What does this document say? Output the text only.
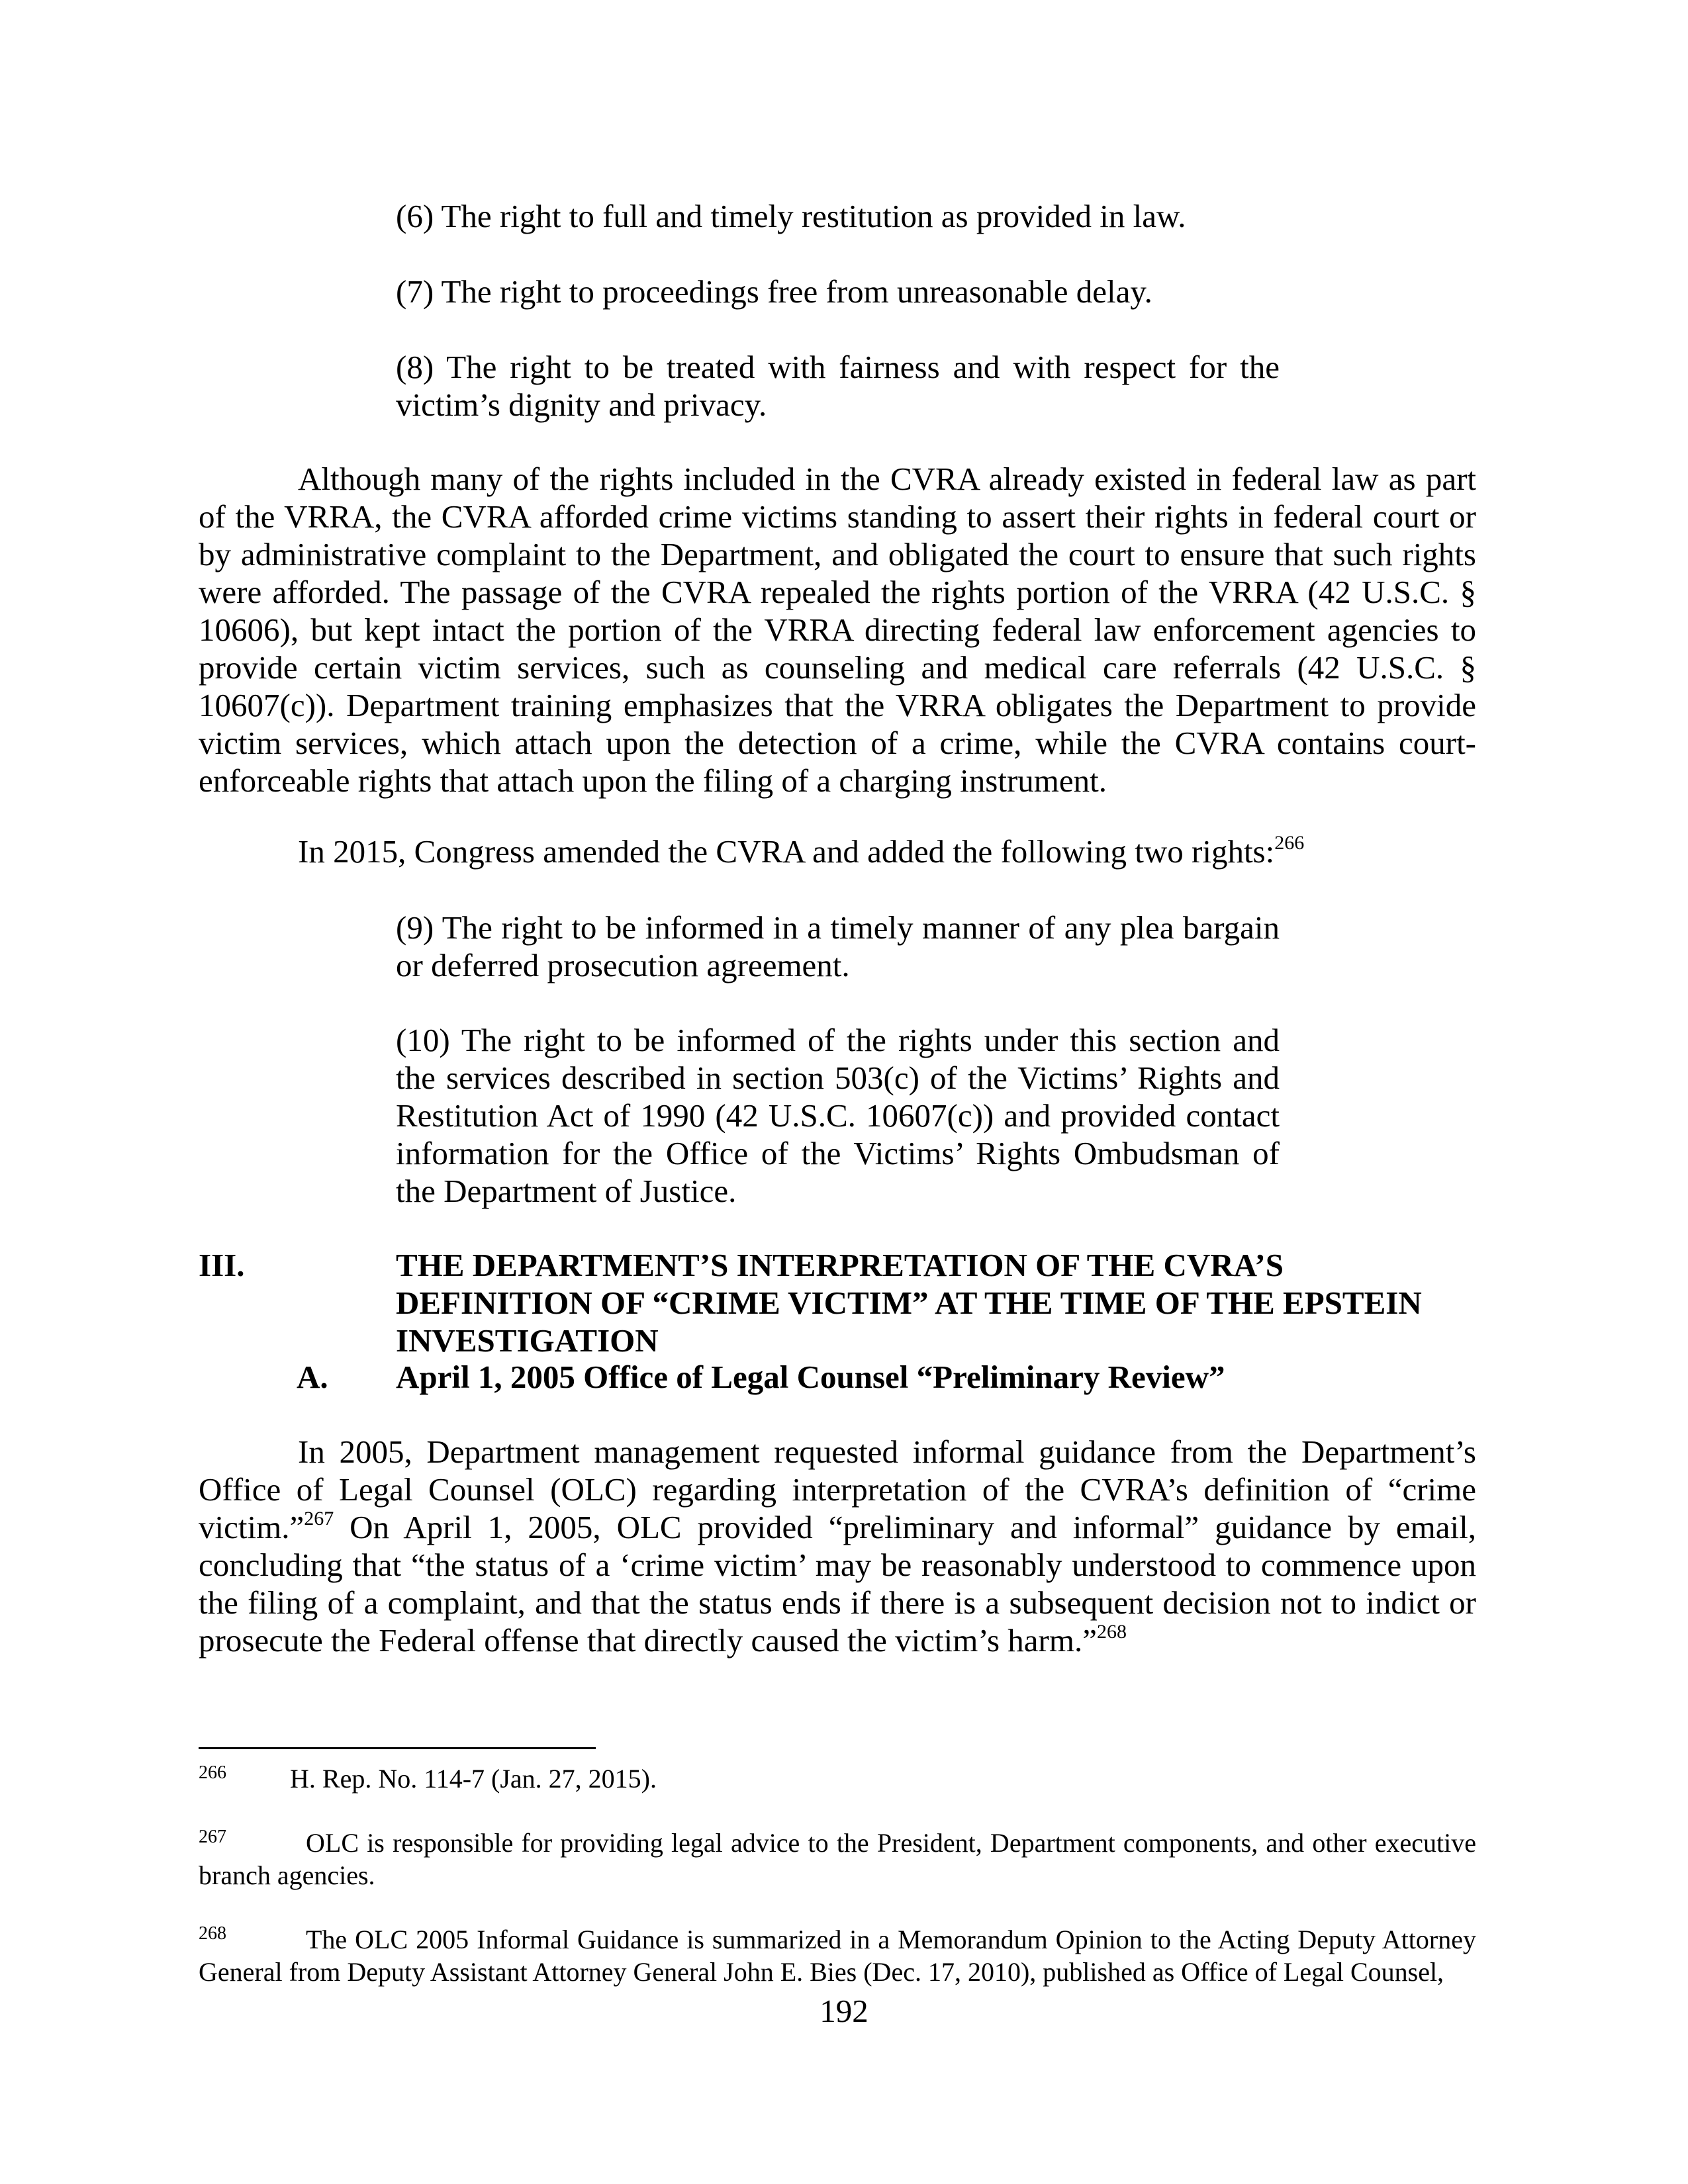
(6) The right to full and timely restitution as provided in law.

(7) The right to proceedings free from unreasonable delay.

(8) The right to be treated with fairness and with respect for the victim’s dignity and privacy.

Although many of the rights included in the CVRA already existed in federal law as part of the VRRA, the CVRA afforded crime victims standing to assert their rights in federal court or by administrative complaint to the Department, and obligated the court to ensure that such rights were afforded. The passage of the CVRA repealed the rights portion of the VRRA (42 U.S.C. § 10606), but kept intact the portion of the VRRA directing federal law enforcement agencies to provide certain victim services, such as counseling and medical care referrals (42 U.S.C. § 10607(c)). Department training emphasizes that the VRRA obligates the Department to provide victim services, which attach upon the detection of a crime, while the CVRA contains court-enforceable rights that attach upon the filing of a charging instrument.

In 2015, Congress amended the CVRA and added the following two rights:$^{266}$

(9) The right to be informed in a timely manner of any plea bargain or deferred prosecution agreement.

(10) The right to be informed of the rights under this section and the services described in section 503(c) of the Victims’ Rights and Restitution Act of 1990 (42 U.S.C. 10607(c)) and provided contact information for the Office of the Victims’ Rights Ombudsman of the Department of Justice.

III.	THE DEPARTMENT’S INTERPRETATION OF THE CVRA’S DEFINITION OF “CRIME VICTIM” AT THE TIME OF THE EPSTEIN INVESTIGATION
A. April 1, 2005 Office of Legal Counsel “Preliminary Review”

In 2005, Department management requested informal guidance from the Department’s Office of Legal Counsel (OLC) regarding interpretation of the CVRA’s definition of “crime victim.”$^{267}$ On April 1, 2005, OLC provided “preliminary and informal” guidance by email, concluding that “the status of a ‘crime victim’ may be reasonably understood to commence upon the filing of a complaint, and that the status ends if there is a subsequent decision not to indict or prosecute the Federal offense that directly caused the victim’s harm.”$^{268}$

$^{266}$ H. Rep. No. 114-7 (Jan. 27, 2015).

$^{267}$	OLC is responsible for providing legal advice to the President, Department components, and other executive branch agencies.

$^{268}$	The OLC 2005 Informal Guidance is summarized in a Memorandum Opinion to the Acting Deputy Attorney General from Deputy Assistant Attorney General John E. Bies (Dec. 17, 2010), published as Office of Legal Counsel,

192
